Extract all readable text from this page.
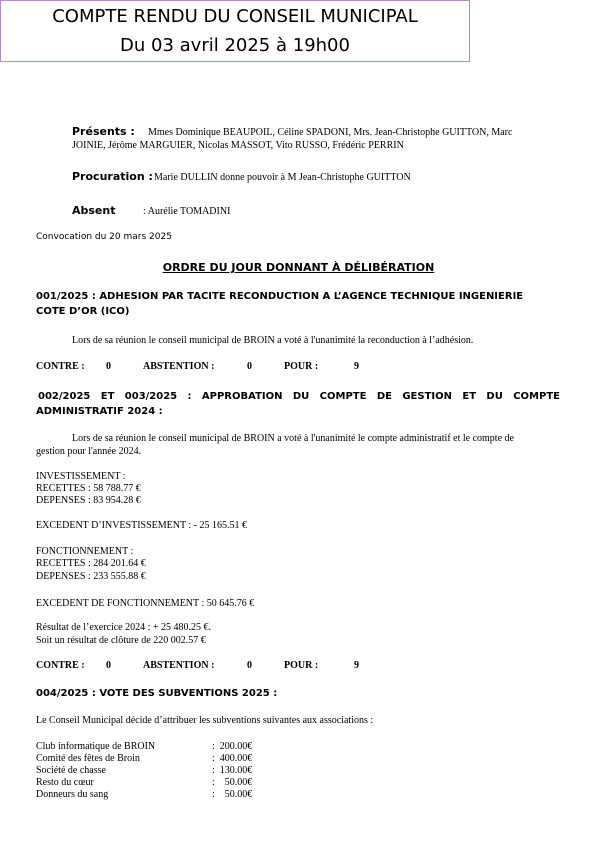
COMPTE RENDU DU CONSEIL MUNICIPAL
Du 03 avril 2025 à 19h00
Présents : Mmes Dominique BEAUPOIL, Céline SPADONI, Mrs. Jean-Christophe GUITTON, Marc
JOINIE, Jérôme MARGUIER, Nicolas MASSOT, Vito RUSSO, Frédéric PERRIN
Procuration : Marie DULLIN donne pouvoir à M Jean-Christophe GUITTON
Absent	: Aurélie TOMADINI
Convocation du 20 mars 2025
ORDRE DU JOUR DONNANT À DÉLIBÉRATION
001/2025 : ADHESION PAR TACITE RECONDUCTION A L’AGENCE TECHNIQUE INGENIERIE
COTE D’OR (ICO)
Lors de sa réunion le conseil municipal de BROIN a voté à l'unanimité la reconduction à l’adhésion.
CONTRE : 0	ABSTENTION :	0	POUR :	9
002/2025 ET 003/2025 : APPROBATION DU COMPTE DE GESTION ET DU COMPTE
ADMINISTRATIF 2024 :
Lors de sa réunion le conseil municipal de BROIN a voté à l'unanimité le compte administratif et le compte de
gestion pour l'année 2024.
INVESTISSEMENT :
RECETTES : 58 788.77 €
DEPENSES : 83 954.28 €
EXCEDENT D’INVESTISSEMENT : - 25 165.51 €
FONCTIONNEMENT :
RECETTES : 284 201.64 €
DEPENSES : 233 555.88 €
EXCEDENT DE FONCTIONNEMENT : 50 645.76 €
Résultat de l’exercice 2024 : + 25 480.25 €.
Soit un résultat de clôture de 220 002.57 €
CONTRE : 0	ABSTENTION :	0	POUR :	9
004/2025 : VOTE DES SUBVENTIONS 2025 :
Le Conseil Municipal décide d’attribuer les subventions suivantes aux associations :
Club informatique de BROIN	:  200.00€
Comité des fêtes de Broin	:  400.00€
Société de chasse	:  130.00€
Resto du cœur	:    50.00€
Donneurs du sang	:    50.00€
